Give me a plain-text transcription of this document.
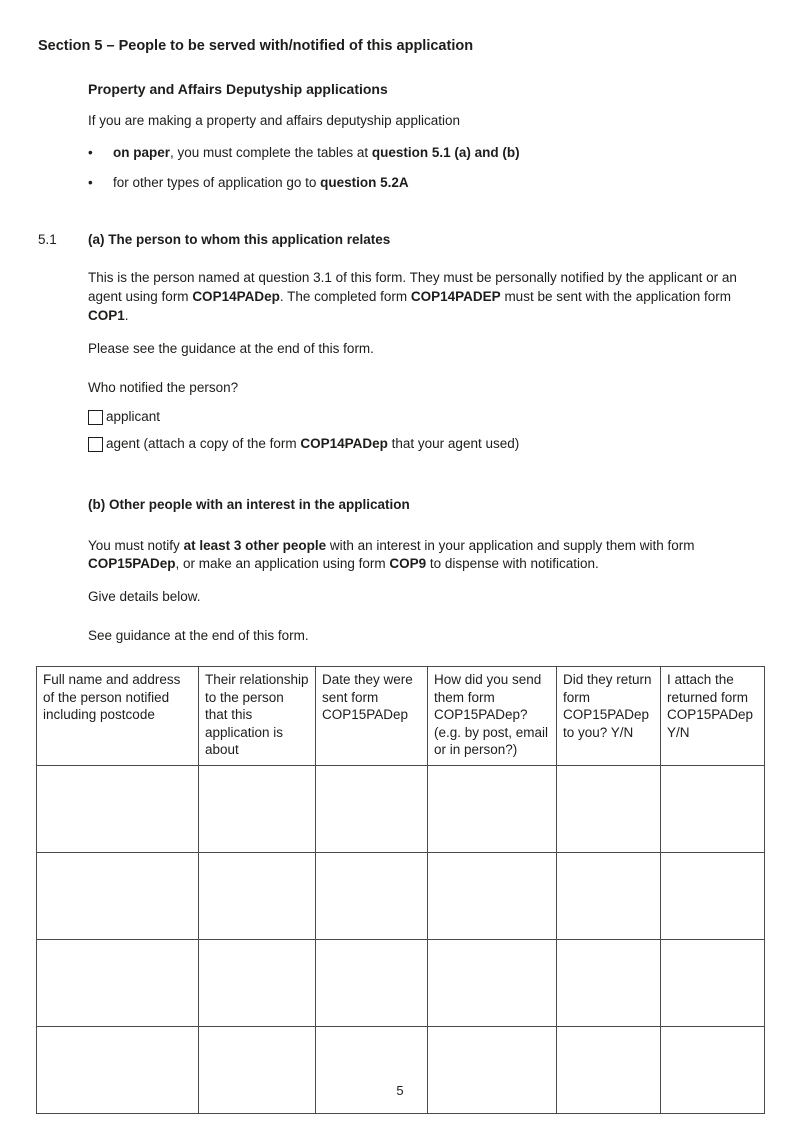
Section 5 – People to be served with/notified of this application
Property and Affairs Deputyship applications

If you are making a property and affairs deputyship application

•	on paper, you must complete the tables at question 5.1 (a) and (b)
•	for other types of application go to question 5.2A
5.1	(a) The person to whom this application relates

This is the person named at question 3.1 of this form. They must be personally notified by the applicant or an agent using form COP14PADep. The completed form COP14PADEP must be sent with the application form COP1.

Please see the guidance at the end of this form.

Who notified the person?

applicant
agent (attach a copy of the form COP14PADep that your agent used)
(b) Other people with an interest in the application

You must notify at least 3 other people with an interest in your application and supply them with form COP15PADep, or make an application using form COP9 to dispense with notification.

Give details below.

See guidance at the end of this form.

Full name and address of the person notified including postcode	Their relationship to the person that this application is about	Date they were sent form COP15PADep	How did you send them form COP15PADep? (e.g. by post, email or in person?)	Did they return form COP15PADep to you? Y/N	I attach the returned form COP15PADep Y/N

5
